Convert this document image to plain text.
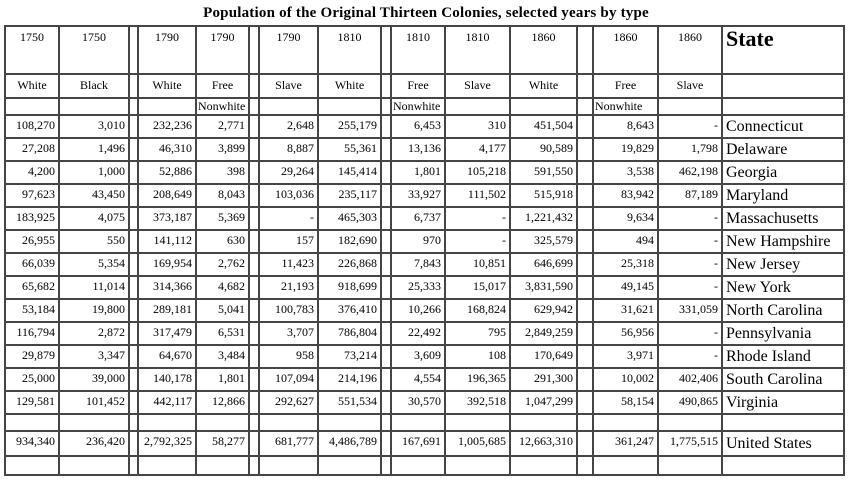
Population of the Original Thirteen Colonies, selected years by type
1750	1750		1790	1790		1790	1810		1810	1810	1860		1860	1860	State
White	Black		White	Free		Slave	White		Free	Slave	White		Free	Slave	
				Nonwhite					Nonwhite				Nonwhite		
108,270	3,010		232,236	2,771		2,648	255,179		6,453	310	451,504		8,643	-	Connecticut
27,208	1,496		46,310	3,899		8,887	55,361		13,136	4,177	90,589		19,829	1,798	Delaware
4,200	1,000		52,886	398		29,264	145,414		1,801	105,218	591,550		3,538	462,198	Georgia
97,623	43,450		208,649	8,043		103,036	235,117		33,927	111,502	515,918		83,942	87,189	Maryland
183,925	4,075		373,187	5,369		-	465,303		6,737	-	1,221,432		9,634	-	Massachusetts
26,955	550		141,112	630		157	182,690		970	-	325,579		494	-	New Hampshire
66,039	5,354		169,954	2,762		11,423	226,868		7,843	10,851	646,699		25,318	-	New Jersey
65,682	11,014		314,366	4,682		21,193	918,699		25,333	15,017	3,831,590		49,145	-	New York
53,184	19,800		289,181	5,041		100,783	376,410		10,266	168,824	629,942		31,621	331,059	North Carolina
116,794	2,872		317,479	6,531		3,707	786,804		22,492	795	2,849,259		56,956	-	Pennsylvania
29,879	3,347		64,670	3,484		958	73,214		3,609	108	170,649		3,971	-	Rhode Island
25,000	39,000		140,178	1,801		107,094	214,196		4,554	196,365	291,300		10,002	402,406	South Carolina
129,581	101,452		442,117	12,866		292,627	551,534		30,570	392,518	1,047,299		58,154	490,865	Virginia

934,340	236,420		2,792,325	58,277		681,777	4,486,789		167,691	1,005,685	12,663,310		361,247	1,775,515	United States
